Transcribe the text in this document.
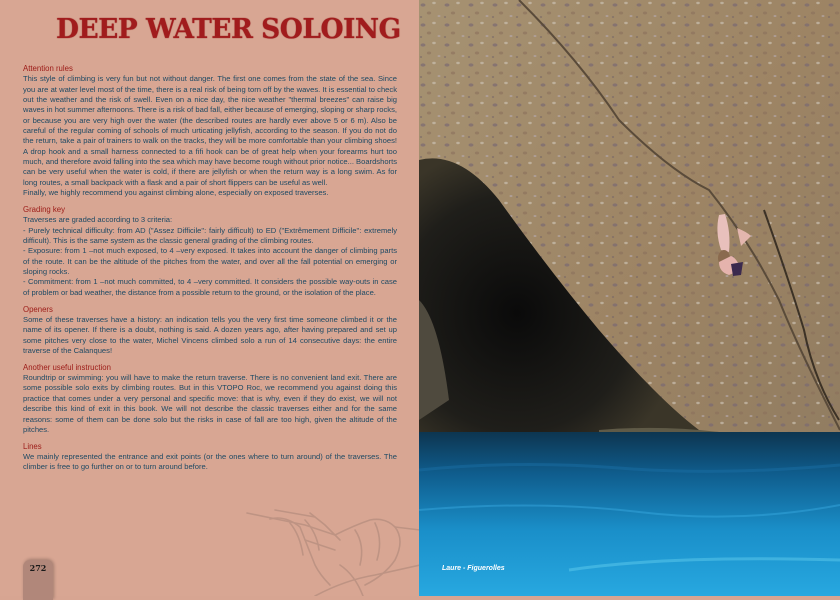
DEEP WATER SOLOING
Attention rules

This style of climbing is very fun but not without danger. The first one comes from the state of the sea. Since you are at water level most of the time, there is a real risk of being torn off by the waves. It is essential to check out the weather and the risk of swell. Even on a nice day, the nice weather "thermal breezes" can raise big waves in hot summer afternoons. There is a risk of bad fall, either because of emerging, sloping or sharp rocks, or because you are very high over the water (the described routes are hardly ever above 5 or 6 m). Also be careful of the regular coming of schools of much urticating jellyfish, according to the season. If you do not do the return, take a pair of trainers to walk on the tracks, they will be more comfortable than your climbing shoes! A drop hook and a small harness connected to a fifi hook can be of great help when your forearms hurt too much, and therefore avoid falling into the sea which may have become rough without prior notice... Boardshorts can be very useful when the water is cold, if there are jellyfish or when the return way is a long swim. As for long routes, a small backpack with a flask and a pair of short flippers can be useful as well.

Finally, we highly recommend you against climbing alone, especially on exposed traverses.

Grading key

Traverses are graded according to 3 criteria:

- Purely technical difficulty: from AD ("Assez Difficile": fairly difficult) to ED ("Extrêmement Difficile": extremely difficult). This is the same system as the classic general grading of the climbing routes.

- Exposure: from 1 –not much exposed, to 4 –very exposed. It takes into account the danger of climbing parts of the route. It can be the altitude of the pitches from the water, and over all the fall potential on emerging or sloping rocks.

- Commitment: from 1 –not much committed, to 4 –very committed. It considers the possible way-outs in case of problem or bad weather, the distance from a possible return to the ground, or the isolation of the place.

Openers

Some of these traverses have a history: an indication tells you the very first time someone climbed it or the name of its opener. If there is a doubt, nothing is said. A dozen years ago, after having prepared and set up some pitches very close to the water, Michel Vincens climbed solo a run of 14 consecutive days: the entire traverse of the Calanques!

Another useful instruction

Roundtrip or swimming: you will have to make the return traverse. There is no convenient land exit. There are some possible solo exits by climbing routes. But in this VTOPO Roc, we recommend you against doing this practice that comes under a very personal and specific move: that is why, even if they do exist, we will not describe this kind of exit in this book. We will not describe the classic traverses either and for the same reasons: some of them can be done solo but the risks in case of fall are too high, given the altitude of the pitches.

Lines

We mainly represented the entrance and exit points (or the ones where to turn around) of the traverses. The climber is free to go further on or to turn around before.

272	Laure - Figuerolles
